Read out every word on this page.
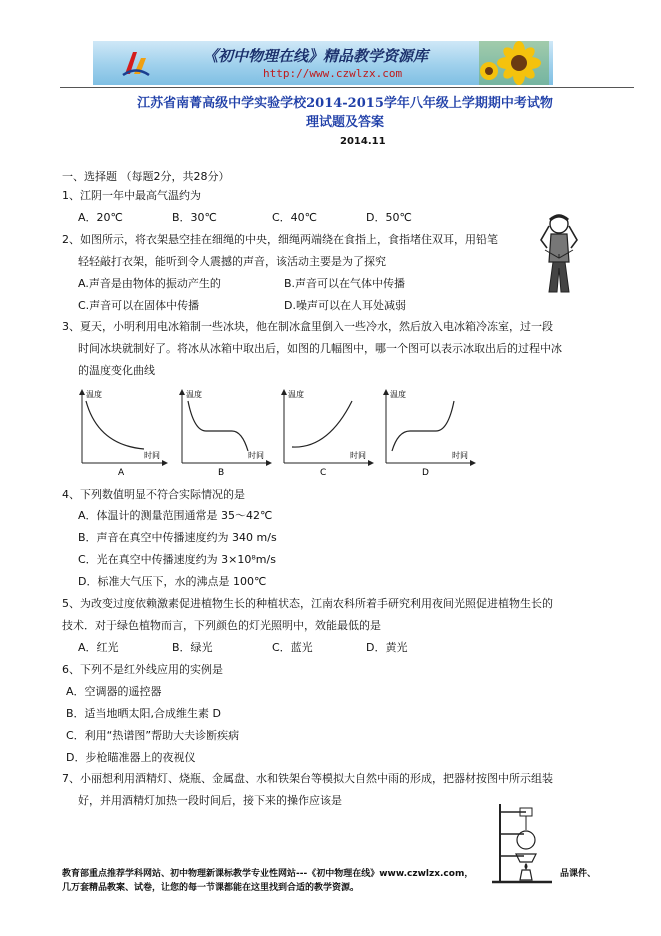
《初中物理在线》精品教学资源库
http://www.czwlzx.com
江苏省南菁高级中学实验学校2014-2015学年八年级上学期期中考试物
理试题及答案
2014.11
一、选择题 （每题2分，共28分）
1、江阴一年中最高气温约为
A．20℃	B．30℃	C．40℃	D．50℃
2、如图所示，将衣架悬空挂在细绳的中央，细绳两端绕在食指上，食指堵住双耳，用铅笔
轻轻敲打衣架，能听到令人震撼的声音，该活动主要是为了探究
A.声音是由物体的振动产生的	B.声音可以在气体中传播
C.声音可以在固体中传播	D.噪声可以在人耳处减弱
3、夏天，小明利用电冰箱制一些冰块，他在制冰盒里倒入一些冷水，然后放入电冰箱冷冻室，过一段
时间冰块就制好了。将冰从冰箱中取出后，如图的几幅图中，哪一个图可以表示冰取出后的过程中冰
的温度变化曲线
温度
时间
A
温度
时间
B
温度
时间
C
温度
时间
D
4、下列数值明显不符合实际情况的是
A．体温计的测量范围通常是 35～42℃
B．声音在真空中传播速度约为 340 m/s
C．光在真空中传播速度约为 3×10⁸m/s
D．标准大气压下，水的沸点是 100℃
5、为改变过度依赖激素促进植物生长的种植状态，江南农科所着手研究利用夜间光照促进植物生长的
技术．对于绿色植物而言，下列颜色的灯光照明中，效能最低的是
A．红光	B．绿光	C．蓝光	D．黄光
6、下列不是红外线应用的实例是
A．空调器的遥控器
B．适当地晒太阳,合成维生素 D
C．利用“热谱图”帮助大夫诊断疾病
D．步枪瞄准器上的夜视仪
7、小丽想利用酒精灯、烧瓶、金属盘、水和铁架台等模拟大自然中雨的形成，把器材按图中所示组装
好，并用酒精灯加热一段时间后，接下来的操作应该是
教育部重点推荐学科网站、初中物理新课标教学专业性网站---《初中物理在线》www.czwlzx.com，	品课件、
几万套精品教案、试卷，让您的每一节课都能在这里找到合适的教学资源。
